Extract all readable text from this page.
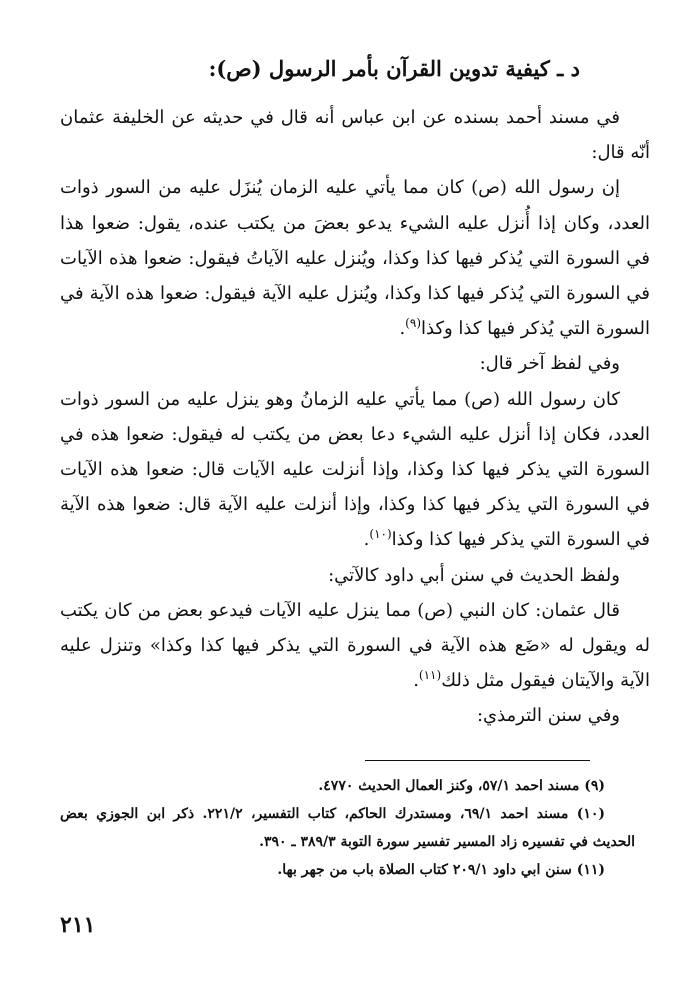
د ـ كيفية تدوين القرآن بأمر الرسول (ص):

في مسند أحمد بسنده عن ابن عباس أنه قال في حديثه عن الخليفة عثمان أنّه قال:

إن رسول الله (ص) كان مما يأتي عليه الزمان يُنزَل عليه من السور ذوات العدد، وكان إذا أُنزل عليه الشيء يدعو بعضَ من يكتب عنده، يقول: ضعوا هذا في السورة التي يُذكر فيها كذا وكذا، ويُنزل عليه الآياتُ فيقول: ضعوا هذه الآيات في السورة التي يُذكر فيها كذا وكذا، ويُنزل عليه الآية فيقول: ضعوا هذه الآية في السورة التي يُذكر فيها كذا وكذا$^{(٩)}$.

وفي لفظ آخر قال:

كان رسول الله (ص) مما يأتي عليه الزمانُ وهو ينزل عليه من السور ذوات العدد، فكان إذا أنزل عليه الشيء دعا بعض من يكتب له فيقول: ضعوا هذه في السورة التي يذكر فيها كذا وكذا، وإذا أنزلت عليه الآيات قال: ضعوا هذه الآيات في السورة التي يذكر فيها كذا وكذا، وإذا أنزلت عليه الآية قال: ضعوا هذه الآية في السورة التي يذكر فيها كذا وكذا$^{(١٠)}$.

ولفظ الحديث في سنن أبي داود كالآتي:

قال عثمان: كان النبي (ص) مما ينزل عليه الآيات فيدعو بعض من كان يكتب له ويقول له «ضَع هذه الآية في السورة التي يذكر فيها كذا وكذا» وتنزل عليه الآية والآيتان فيقول مثل ذلك$^{(١١)}$.

وفي سنن الترمذي:

(٩) مسند احمد ٥٧/١، وكنز العمال الحديث ٤٧٧٠.

(١٠) مسند احمد ٦٩/١، ومستدرك الحاكم، كتاب التفسير، ٢٢١/٢. ذكر ابن الجوزي بعض الحديث في تفسيره زاد المسير تفسير سورة التوبة ٣٨٩/٣ ـ ٣٩٠.

(١١) سنن ابي داود ٢٠٩/١ كتاب الصلاة باب من جهر بها.

٢١١
